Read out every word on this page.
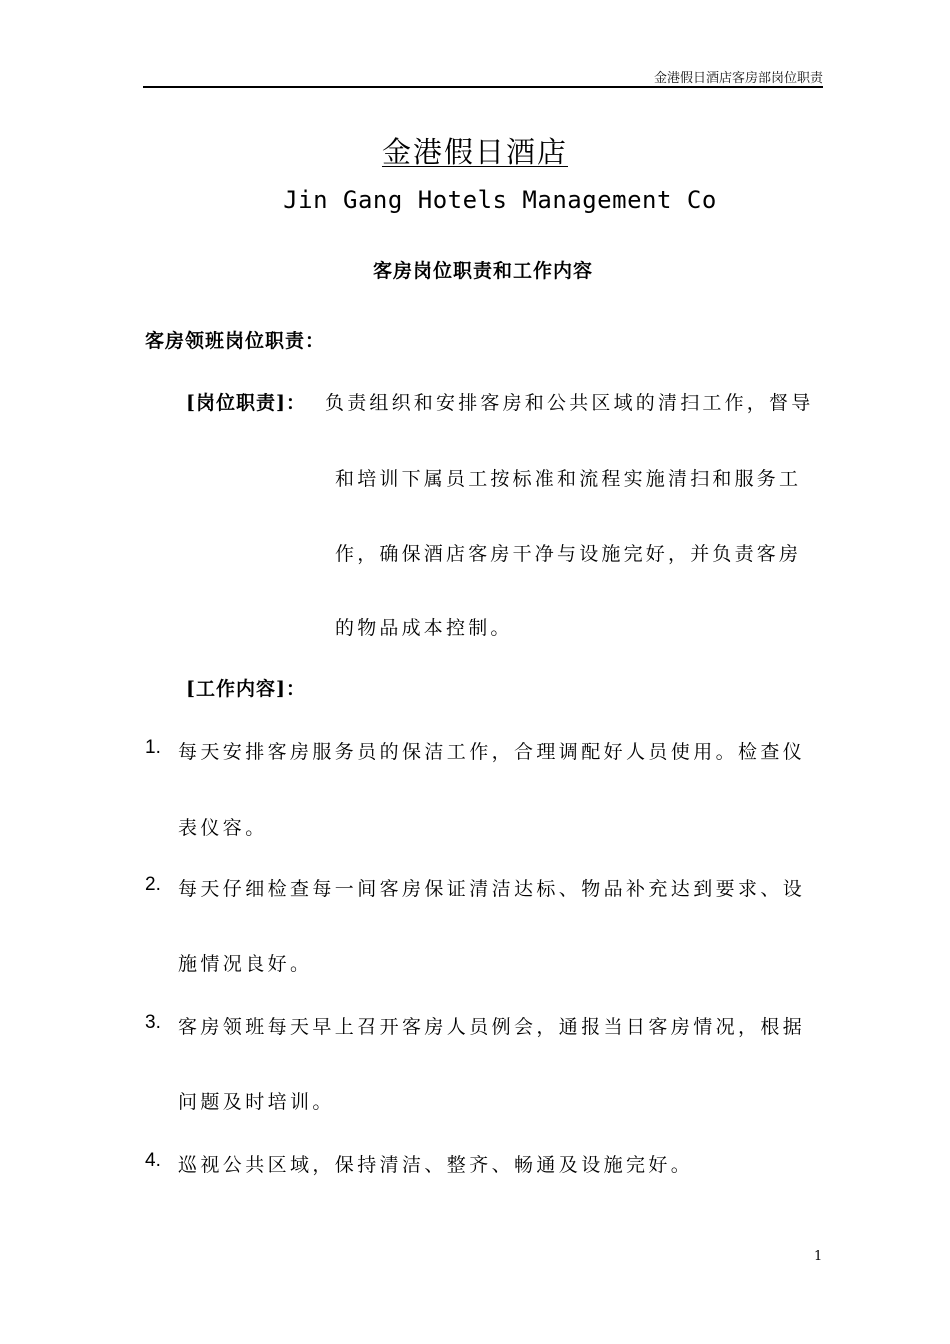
金港假日酒店客房部岗位职责
金港假日酒店
Jin Gang Hotels Management Co
客房岗位职责和工作内容
客房领班岗位职责：
[岗位职责]： 负责组织和安排客房和公共区域的清扫工作，督导
和培训下属员工按标准和流程实施清扫和服务工
作，确保酒店客房干净与设施完好，并负责客房
的物品成本控制。
[工作内容]：
1. 每天安排客房服务员的保洁工作，合理调配好人员使用。检查仪
表仪容。
2. 每天仔细检查每一间客房保证清洁达标、物品补充达到要求、设
施情况良好。
3. 客房领班每天早上召开客房人员例会，通报当日客房情况，根据
问题及时培训。
4. 巡视公共区域，保持清洁、整齐、畅通及设施完好。
1
